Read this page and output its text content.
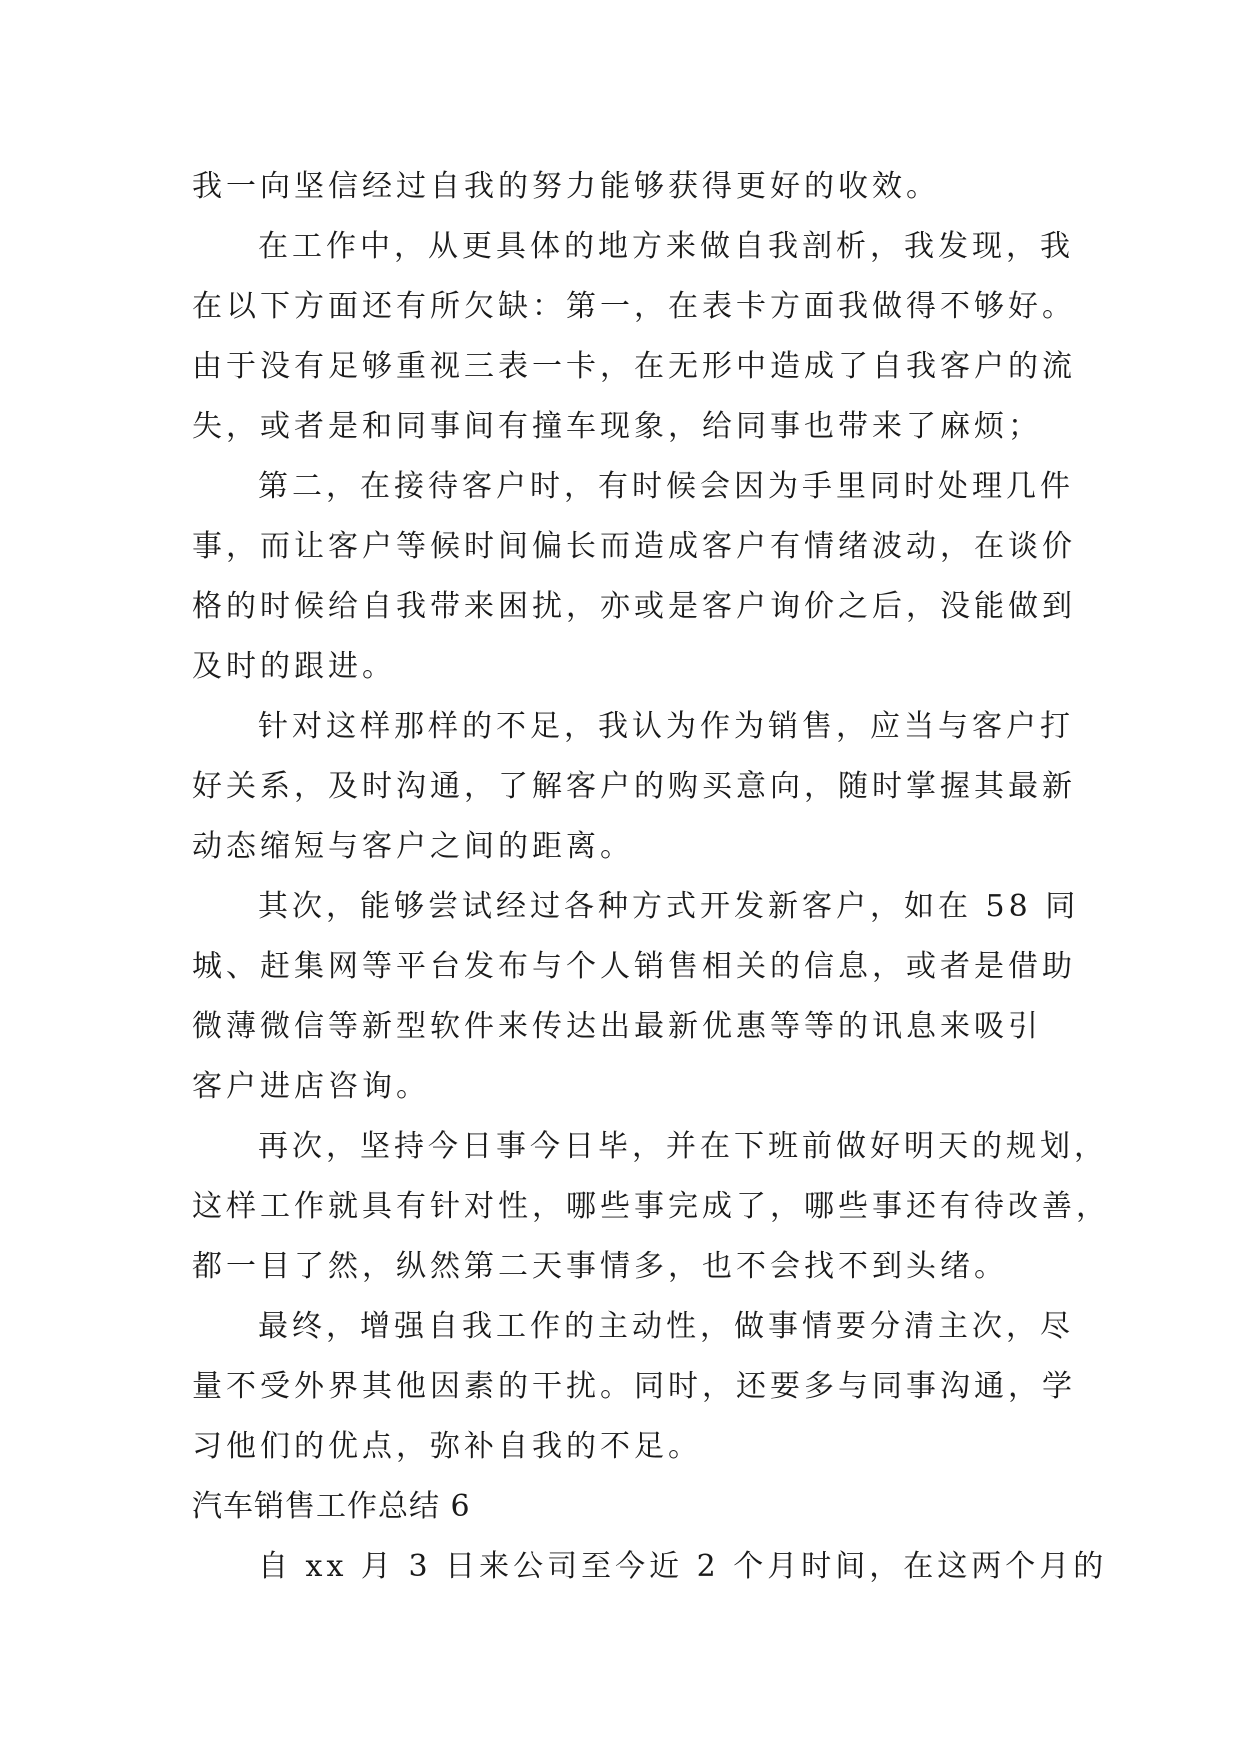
我一向坚信经过自我的努力能够获得更好的收效。
在工作中，从更具体的地方来做自我剖析，我发现，我
在以下方面还有所欠缺：第一，在表卡方面我做得不够好。
由于没有足够重视三表一卡，在无形中造成了自我客户的流
失，或者是和同事间有撞车现象，给同事也带来了麻烦；
第二，在接待客户时，有时候会因为手里同时处理几件
事，而让客户等候时间偏长而造成客户有情绪波动，在谈价
格的时候给自我带来困扰，亦或是客户询价之后，没能做到
及时的跟进。
针对这样那样的不足，我认为作为销售，应当与客户打
好关系，及时沟通，了解客户的购买意向，随时掌握其最新
动态缩短与客户之间的距离。
其次，能够尝试经过各种方式开发新客户，如在 58 同
城、赶集网等平台发布与个人销售相关的信息，或者是借助
微薄微信等新型软件来传达出最新优惠等等的讯息来吸引
客户进店咨询。
再次，坚持今日事今日毕，并在下班前做好明天的规划，
这样工作就具有针对性，哪些事完成了，哪些事还有待改善，
都一目了然，纵然第二天事情多，也不会找不到头绪。
最终，增强自我工作的主动性，做事情要分清主次，尽
量不受外界其他因素的干扰。同时，还要多与同事沟通，学
习他们的优点，弥补自我的不足。
汽车销售工作总结 6
自 xx 月 3 日来公司至今近 2 个月时间，在这两个月的
